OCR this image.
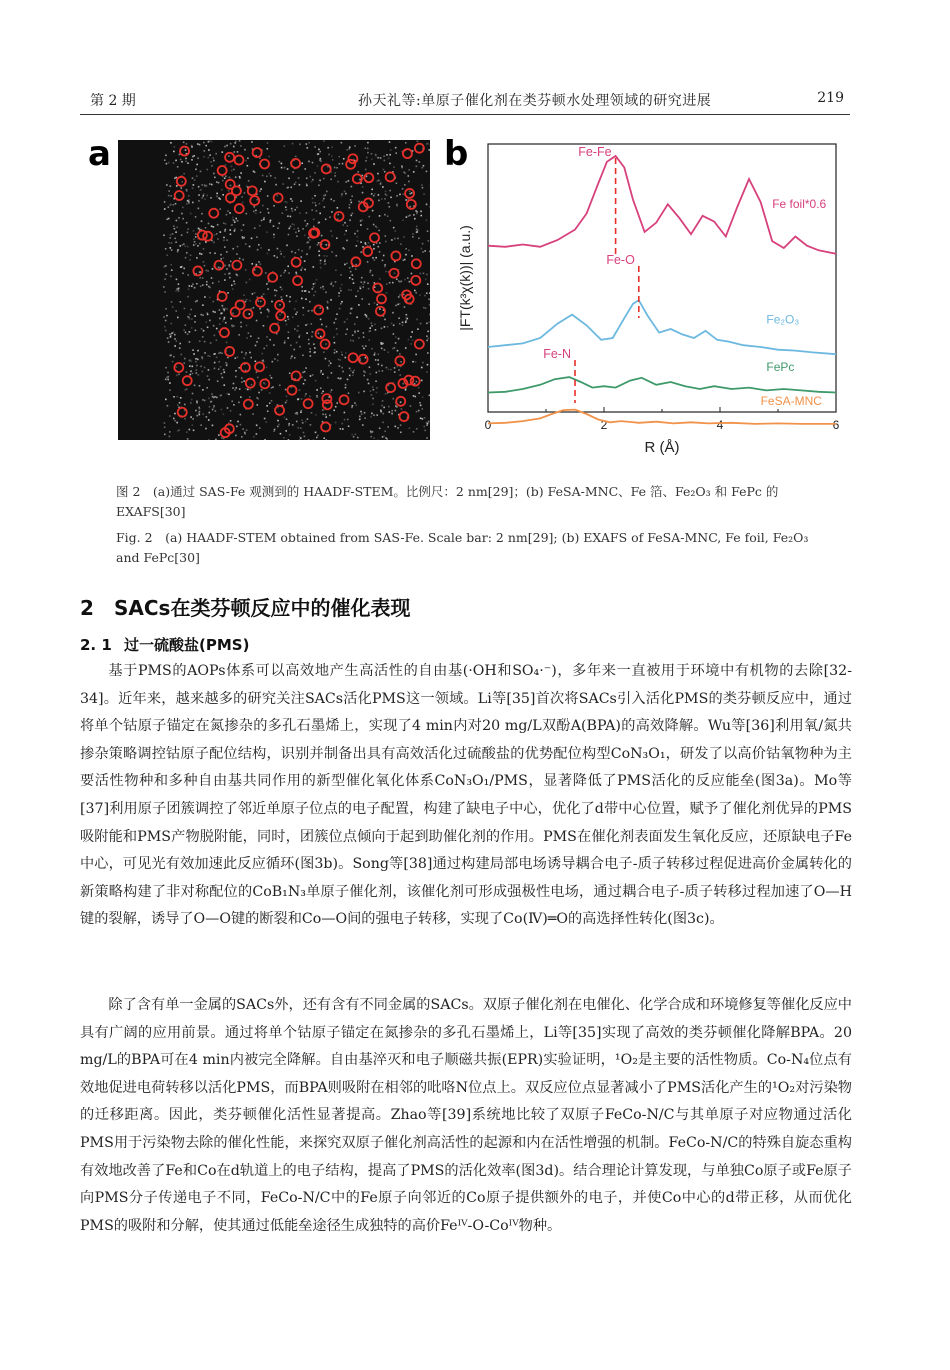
第 2 期	孙天礼等:单原子催化剂在类芬顿水处理领域的研究进展	219
a	b
0	2	4	6
R (Å)
|FT(k³χ(k))| (a.u.)
Fe foil*0.6
Fe₂O₃
FePc
FeSA-MNC
Fe-Fe
Fe-O
Fe-N
图 2　(a)通过 SAS-Fe 观测到的 HAADF-STEM。比例尺：2 nm[29]；(b) FeSA-MNC、Fe 箔、Fe₂O₃ 和 FePc 的
EXAFS[30]
Fig. 2　(a) HAADF-STEM obtained from SAS-Fe. Scale bar: 2 nm[29]; (b) EXAFS of FeSA-MNC, Fe foil, Fe₂O₃
and FePc[30]
2 SACs在类芬顿反应中的催化表现
2. 1 过一硫酸盐(PMS)

基于PMS的AOPs体系可以高效地产生高活性的自由基(·OH和SO₄·⁻)，多年来一直被用于环境中有机物的去除[32-34]。近年来，越来越多的研究关注SACs活化PMS这一领域。Li等[35]首次将SACs引入活化PMS的类芬顿反应中，通过将单个钴原子锚定在氮掺杂的多孔石墨烯上，实现了4 min内对20 mg/L双酚A(BPA)的高效降解。Wu等[36]利用氧/氮共掺杂策略调控钴原子配位结构，识别并制备出具有高效活化过硫酸盐的优势配位构型CoN₃O₁，研发了以高价钴氧物种为主要活性物种和多种自由基共同作用的新型催化氧化体系CoN₃O₁/PMS，显著降低了PMS活化的反应能垒(图3a)。Mo等[37]利用原子团簇调控了邻近单原子位点的电子配置，构建了缺电子中心，优化了d带中心位置，赋予了催化剂优异的PMS吸附能和PMS产物脱附能，同时，团簇位点倾向于起到助催化剂的作用。PMS在催化剂表面发生氧化反应，还原缺电子Fe中心，可见光有效加速此反应循环(图3b)。Song等[38]通过构建局部电场诱导耦合电子-质子转移过程促进高价金属转化的新策略构建了非对称配位的CoB₁N₃单原子催化剂，该催化剂可形成强极性电场，通过耦合电子-质子转移过程加速了O—H键的裂解，诱导了O—O键的断裂和Co—O间的强电子转移，实现了Co(Ⅳ)═O的高选择性转化(图3c)。

除了含有单一金属的SACs外，还有含有不同金属的SACs。双原子催化剂在电催化、化学合成和环境修复等催化反应中具有广阔的应用前景。通过将单个钴原子锚定在氮掺杂的多孔石墨烯上，Li等[35]实现了高效的类芬顿催化降解BPA。20 mg/L的BPA可在4 min内被完全降解。自由基淬灭和电子顺磁共振(EPR)实验证明，¹O₂是主要的活性物质。Co-N₄位点有效地促进电荷转移以活化PMS，而BPA则吸附在相邻的吡咯N位点上。双反应位点显著减小了PMS活化产生的¹O₂对污染物的迁移距离。因此，类芬顿催化活性显著提高。Zhao等[39]系统地比较了双原子FeCo-N/C与其单原子对应物通过活化PMS用于污染物去除的催化性能，来探究双原子催化剂高活性的起源和内在活性增强的机制。FeCo-N/C的特殊自旋态重构有效地改善了Fe和Co在d轨道上的电子结构，提高了PMS的活化效率(图3d)。结合理论计算发现，与单独Co原子或Fe原子向PMS分子传递电子不同，FeCo-N/C中的Fe原子向邻近的Co原子提供额外的电子，并使Co中心的d带正移，从而优化PMS的吸附和分解，使其通过低能垒途径生成独特的高价Feᴵⱽ-O-Coᴵⱽ物种。
